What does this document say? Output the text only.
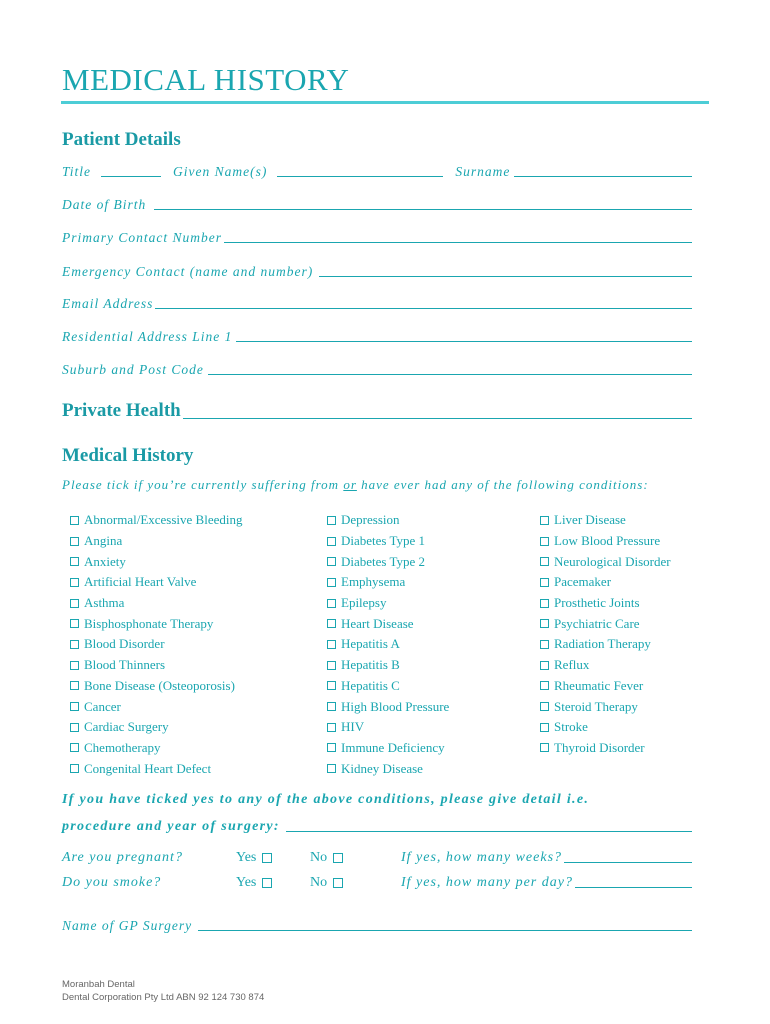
MEDICAL HISTORY
Patient Details
Title	Given Name(s)	Surname
Date of Birth
Primary Contact Number
Emergency Contact (name and number)
Email Address
Residential Address Line 1
Suburb and Post Code
Private Health
Medical History
Please tick if you’re currently suffering from or have ever had any of the following conditions:
Abnormal/Excessive Bleeding
Angina
Anxiety
Artificial Heart Valve
Asthma
Bisphosphonate Therapy
Blood Disorder
Blood Thinners
Bone Disease (Osteoporosis)
Cancer
Cardiac Surgery
Chemotherapy
Congenital Heart Defect
Depression
Diabetes Type 1
Diabetes Type 2
Emphysema
Epilepsy
Heart Disease
Hepatitis A
Hepatitis B
Hepatitis C
High Blood Pressure
HIV
Immune Deficiency
Kidney Disease
Liver Disease
Low Blood Pressure
Neurological Disorder
Pacemaker
Prosthetic Joints
Psychiatric Care
Radiation Therapy
Reflux
Rheumatic Fever
Steroid Therapy
Stroke
Thyroid Disorder
If you have ticked yes to any of the above conditions, please give detail i.e.
procedure and year of surgery:
Are you pregnant?	Yes	No	If yes, how many weeks?
Do you smoke?	Yes	No	If yes, how many per day?
Name of GP Surgery
Moranbah Dental
Dental Corporation Pty Ltd ABN 92 124 730 874
